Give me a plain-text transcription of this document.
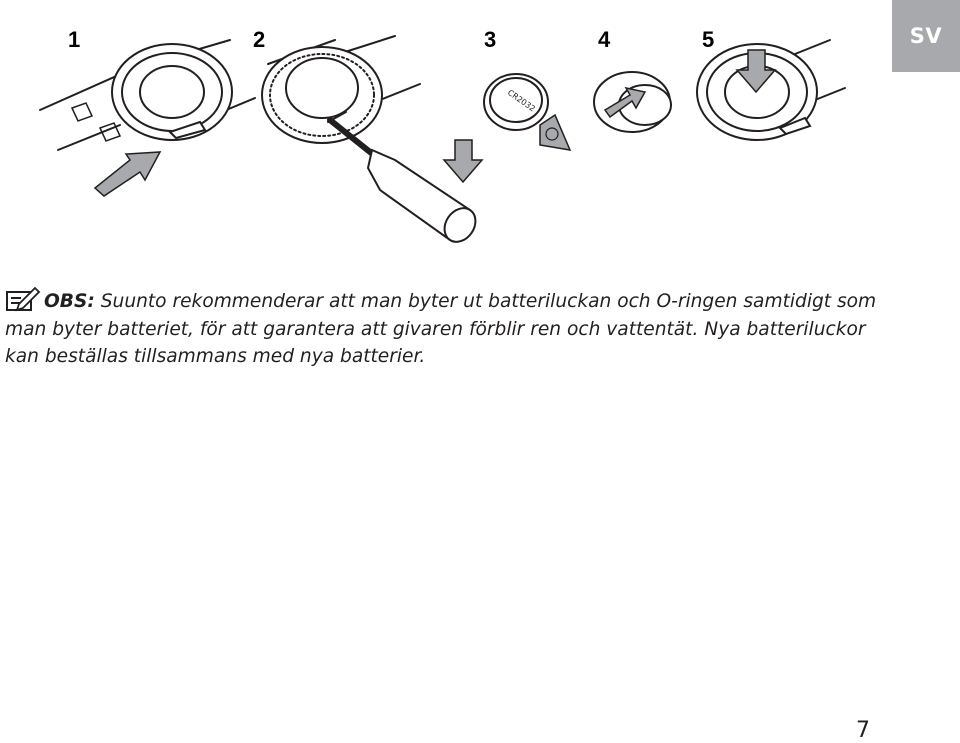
SV
1	2	3	4	5
CR2032

OBS: Suunto rekommenderar att man byter ut batteriluckan och O-ringen samtidigt som man byter batteriet, för att garantera att givaren förblir ren och vattentät. Nya batteriluckor kan beställas tillsammans med nya batterier.

7
